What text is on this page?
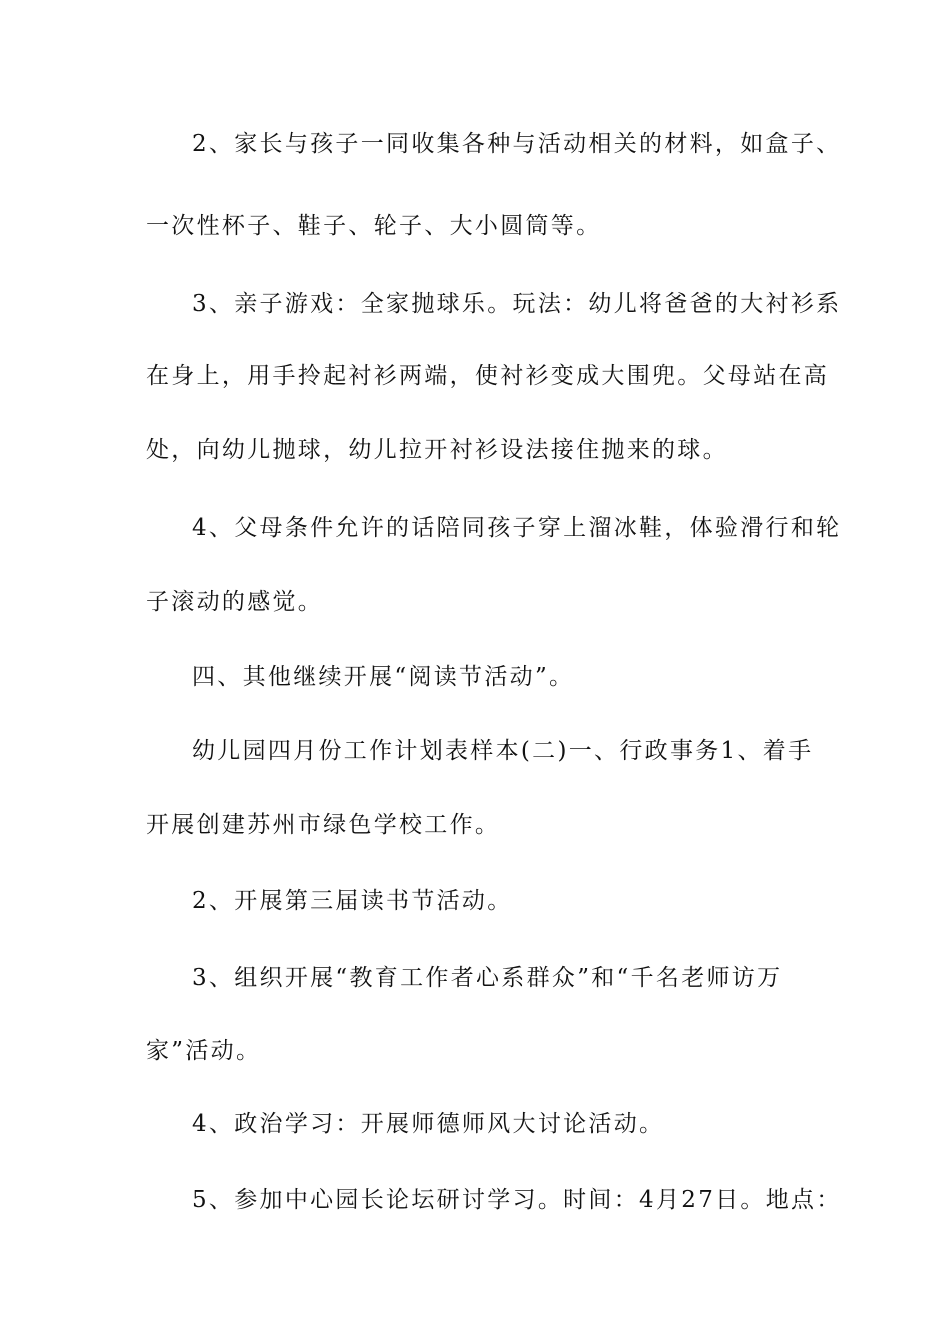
2、家长与孩子一同收集各种与活动相关的材料，如盒子、
一次性杯子、鞋子、轮子、大小圆筒等。
3、亲子游戏：全家抛球乐。玩法：幼儿将爸爸的大衬衫系
在身上，用手拎起衬衫两端，使衬衫变成大围兜。父母站在高
处，向幼儿抛球，幼儿拉开衬衫设法接住抛来的球。
4、父母条件允许的话陪同孩子穿上溜冰鞋，体验滑行和轮
子滚动的感觉。
四、其他继续开展“阅读节活动”。
幼儿园四月份工作计划表样本(二)一、行政事务1、着手
开展创建苏州市绿色学校工作。
2、开展第三届读书节活动。
3、组织开展“教育工作者心系群众”和“千名老师访万
家”活动。
4、政治学习：开展师德师风大讨论活动。
5、参加中心园长论坛研讨学习。时间：4月27日。地点：
